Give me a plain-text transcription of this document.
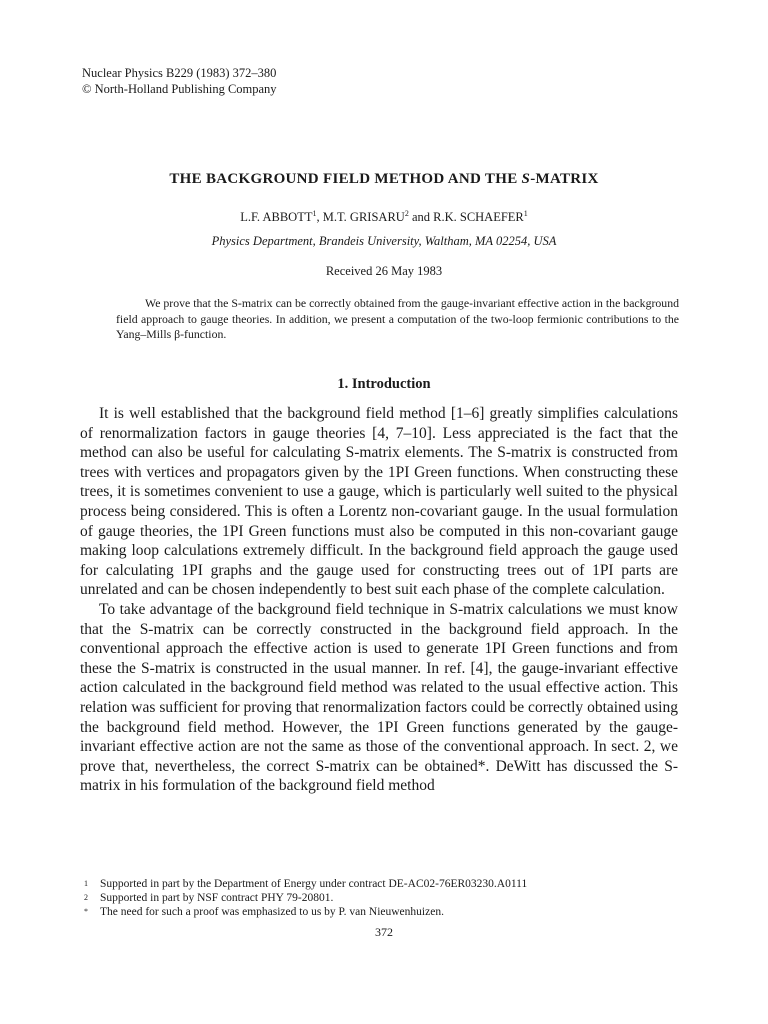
Nuclear Physics B229 (1983) 372–380
© North-Holland Publishing Company
THE BACKGROUND FIELD METHOD AND THE S-MATRIX
L.F. ABBOTT$^1$, M.T. GRISARU$^2$ and R.K. SCHAEFER$^1$
Physics Department, Brandeis University, Waltham, MA 02254, USA
Received 26 May 1983
We prove that the S-matrix can be correctly obtained from the gauge-invariant effective action in the background field approach to gauge theories. In addition, we present a computation of the two-loop fermionic contributions to the Yang–Mills β-function.
1. Introduction

It is well established that the background field method [1–6] greatly simplifies calculations of renormalization factors in gauge theories [4, 7–10]. Less appreciated is the fact that the method can also be useful for calculating S-matrix elements. The S-matrix is constructed from trees with vertices and propagators given by the 1PI Green functions. When constructing these trees, it is sometimes convenient to use a gauge, which is particularly well suited to the physical process being considered. This is often a Lorentz non-covariant gauge. In the usual formulation of gauge theories, the 1PI Green functions must also be computed in this non-covariant gauge making loop calculations extremely difficult. In the background field approach the gauge used for calculating 1PI graphs and the gauge used for constructing trees out of 1PI parts are unrelated and can be chosen independently to best suit each phase of the complete calculation.

To take advantage of the background field technique in S-matrix calculations we must know that the S-matrix can be correctly constructed in the background field approach. In the conventional approach the effective action is used to generate 1PI Green functions and from these the S-matrix is constructed in the usual manner. In ref. [4], the gauge-invariant effective action calculated in the background field method was related to the usual effective action. This relation was sufficient for proving that renormalization factors could be correctly obtained using the background field method. However, the 1PI Green functions generated by the gauge-invariant effective action are not the same as those of the conventional approach. In sect. 2, we prove that, nevertheless, the correct S-matrix can be obtained*. DeWitt has discussed the S-matrix in his formulation of the background field method

1 Supported in part by the Department of Energy under contract DE-AC02-76ER03230.A0111
2 Supported in part by NSF contract PHY 79-20801.
* The need for such a proof was emphasized to us by P. van Nieuwenhuizen.
372
